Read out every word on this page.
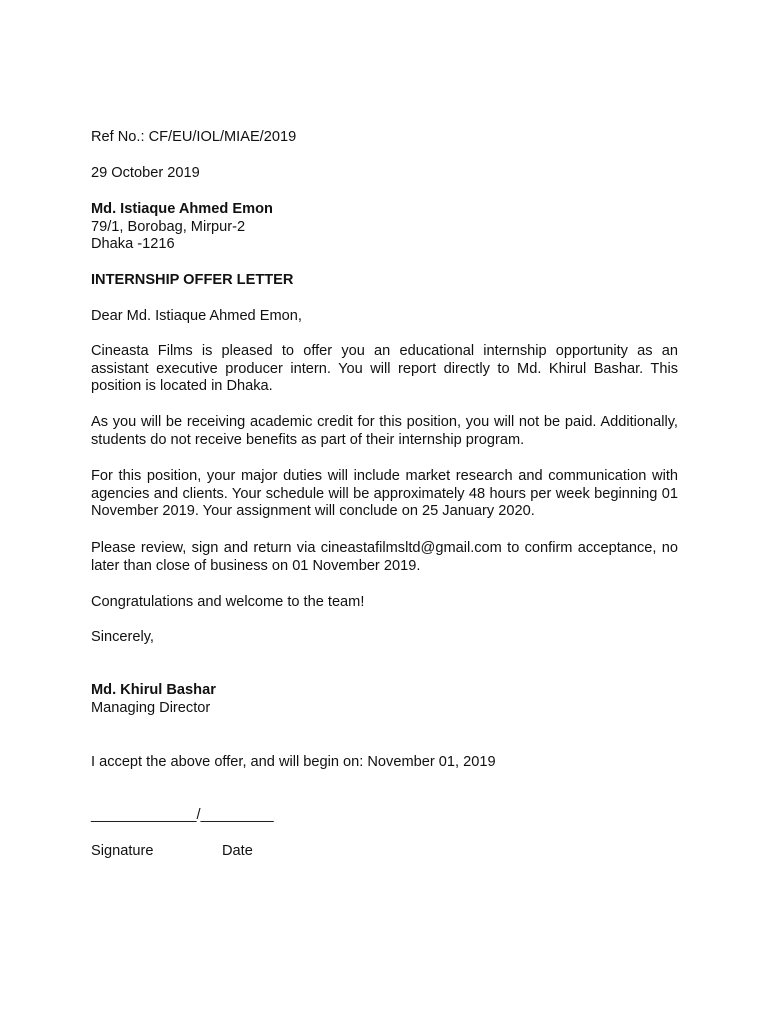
Ref No.: CF/EU/IOL/MIAE/2019
29 October 2019
Md. Istiaque Ahmed Emon
79/1, Borobag, Mirpur-2
Dhaka -1216
INTERNSHIP OFFER LETTER
Dear Md. Istiaque Ahmed Emon,

Cineasta Films is pleased to offer you an educational internship opportunity as an assistant executive producer intern. You will report directly to Md. Khirul Bashar. This position is located in Dhaka.

As you will be receiving academic credit for this position, you will not be paid. Additionally, students do not receive benefits as part of their internship program.

For this position, your major duties will include market research and communication with agencies and clients. Your schedule will be approximately 48 hours per week beginning 01 November 2019. Your assignment will conclude on 25 January 2020.

Please review, sign and return via cineastafilmsltd@gmail.com to confirm acceptance, no later than close of business on 01 November 2019.

Congratulations and welcome to the team!
Sincerely,
Md. Khirul Bashar
Managing Director
I accept the above offer, and will begin on: November 01, 2019
_____________/_________
Signature	Date
